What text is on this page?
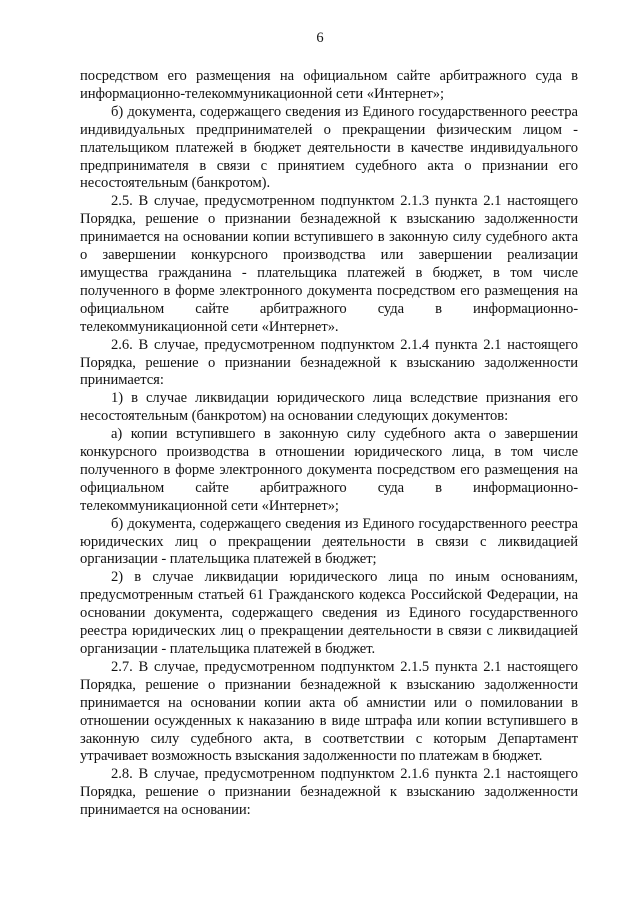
6

посредством его размещения на официальном сайте арбитражного суда в информационно-телекоммуникационной сети «Интернет»;

б) документа, содержащего сведения из Единого государственного реестра индивидуальных предпринимателей о прекращении физическим лицом - плательщиком платежей в бюджет деятельности в качестве индивидуального предпринимателя в связи с принятием судебного акта о признании его несостоятельным (банкротом).

2.5. В случае, предусмотренном подпунктом 2.1.3 пункта 2.1 настоящего Порядка, решение о признании безнадежной к взысканию задолженности принимается на основании копии вступившего в законную силу судебного акта о завершении конкурсного производства или завершении реализации имущества гражданина - плательщика платежей в бюджет, в том числе полученного в форме электронного документа посредством его размещения на официальном сайте арбитражного суда в информационно-телекоммуникационной сети «Интернет».

2.6. В случае, предусмотренном подпунктом 2.1.4 пункта 2.1 настоящего Порядка, решение о признании безнадежной к взысканию задолженности принимается:

1) в случае ликвидации юридического лица вследствие признания его несостоятельным (банкротом) на основании следующих документов:

а) копии вступившего в законную силу судебного акта о завершении конкурсного производства в отношении юридического лица, в том числе полученного в форме электронного документа посредством его размещения на официальном сайте арбитражного суда в информационно-телекоммуникационной сети «Интернет»;

б) документа, содержащего сведения из Единого государственного реестра юридических лиц о прекращении деятельности в связи с ликвидацией организации - плательщика платежей в бюджет;

2) в случае ликвидации юридического лица по иным основаниям, предусмотренным статьей 61 Гражданского кодекса Российской Федерации, на основании документа, содержащего сведения из Единого государственного реестра юридических лиц о прекращении деятельности в связи с ликвидацией организации - плательщика платежей в бюджет.

2.7. В случае, предусмотренном подпунктом 2.1.5 пункта 2.1 настоящего Порядка, решение о признании безнадежной к взысканию задолженности принимается на основании копии акта об амнистии или о помиловании в отношении осужденных к наказанию в виде штрафа или копии вступившего в законную силу судебного акта, в соответствии с которым Департамент утрачивает возможность взыскания задолженности по платежам в бюджет.

2.8. В случае, предусмотренном подпунктом 2.1.6 пункта 2.1 настоящего Порядка, решение о признании безнадежной к взысканию задолженности принимается на основании:
